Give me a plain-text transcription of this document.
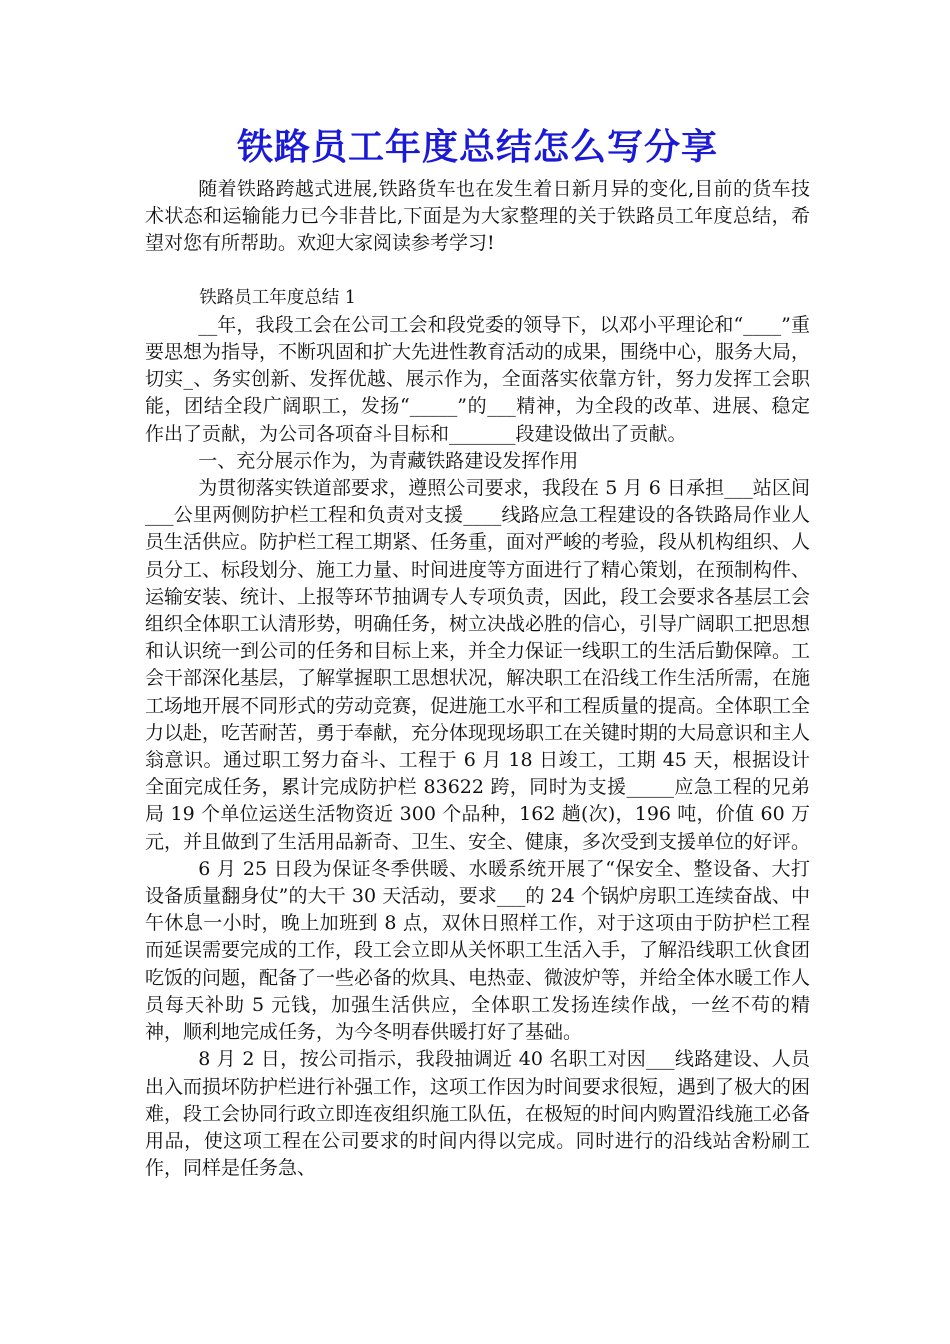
铁路员工年度总结怎么写分享

随着铁路跨越式进展,铁路货车也在发生着日新月异的变化,目前的货车技术状态和运输能力已今非昔比,下面是为大家整理的关于铁路员工年度总结，希望对您有所帮助。欢迎大家阅读参考学习!

铁路员工年度总结 1

__年，我段工会在公司工会和段党委的领导下，以邓小平理论和“____”重要思想为指导，不断巩固和扩大先进性教育活动的成果，围绕中心，服务大局，切实_、务实创新、发挥优越、展示作为，全面落实依靠方针，努力发挥工会职能，团结全段广阔职工，发扬“_____”的___精神，为全段的改革、进展、稳定作出了贡献，为公司各项奋斗目标和_______段建设做出了贡献。

一、充分展示作为，为青藏铁路建设发挥作用

为贯彻落实铁道部要求，遵照公司要求，我段在 5 月 6 日承担___站区间___公里两侧防护栏工程和负责对支援____线路应急工程建设的各铁路局作业人员生活供应。防护栏工程工期紧、任务重，面对严峻的考验，段从机构组织、人员分工、标段划分、施工力量、时间进度等方面进行了精心策划，在预制构件、运输安装、统计、上报等环节抽调专人专项负责，因此，段工会要求各基层工会组织全体职工认清形势，明确任务，树立决战必胜的信心，引导广阔职工把思想和认识统一到公司的任务和目标上来，并全力保证一线职工的生活后勤保障。工会干部深化基层，了解掌握职工思想状况，解决职工在沿线工作生活所需，在施工场地开展不同形式的劳动竞赛，促进施工水平和工程质量的提高。全体职工全力以赴，吃苦耐苦，勇于奉献，充分体现现场职工在关键时期的大局意识和主人翁意识。通过职工努力奋斗、工程于 6 月 18 日竣工，工期 45 天，根据设计全面完成任务，累计完成防护栏 83622 跨，同时为支援_____应急工程的兄弟局 19 个单位运送生活物资近 300 个品种，162 趟(次)，196 吨，价值 60 万元，并且做到了生活用品新奇、卫生、安全、健康，多次受到支援单位的好评。

6 月 25 日段为保证冬季供暖、水暖系统开展了“保安全、整设备、大打设备质量翻身仗”的大干 30 天活动，要求___的 24 个锅炉房职工连续奋战、中午休息一小时，晚上加班到 8 点，双休日照样工作，对于这项由于防护栏工程而延误需要完成的工作，段工会立即从关怀职工生活入手，了解沿线职工伙食团吃饭的问题，配备了一些必备的炊具、电热壶、微波炉等，并给全体水暖工作人员每天补助 5 元钱，加强生活供应，全体职工发扬连续作战，一丝不苟的精神，顺利地完成任务，为今冬明春供暖打好了基础。

8 月 2 日，按公司指示，我段抽调近 40 名职工对因___线路建设、人员出入而损坏防护栏进行补强工作，这项工作因为时间要求很短，遇到了极大的困难，段工会协同行政立即连夜组织施工队伍，在极短的时间内购置沿线施工必备用品，使这项工程在公司要求的时间内得以完成。同时进行的沿线站舍粉刷工作，同样是任务急、
